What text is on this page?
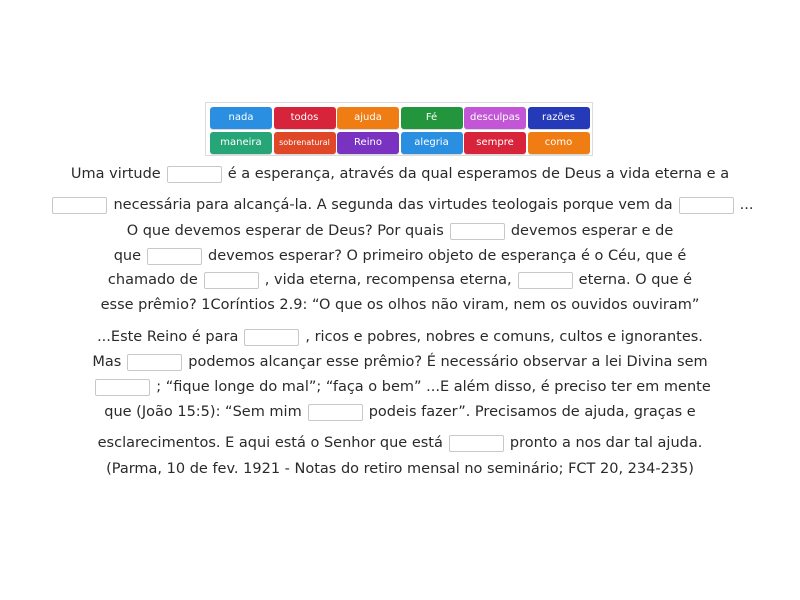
nada	todos	ajuda	Fé	desculpas	razões
maneira	sobrenatural	Reino	alegria	sempre	como
Uma virtude	é a esperança, através da qual esperamos de Deus a vida eterna e a
necessária para alcançá-la. A segunda das virtudes teologais porque vem da	...
O que devemos esperar de Deus? Por quais	devemos esperar e de
que	devemos esperar? O primeiro objeto de esperança é o Céu, que é
chamado de	, vida eterna, recompensa eterna,	eterna. O que é
esse prêmio? 1Coríntios 2.9: “O que os olhos não viram, nem os ouvidos ouviram”
...Este Reino é para	, ricos e pobres, nobres e comuns, cultos e ignorantes.
Mas	podemos alcançar esse prêmio? É necessário observar a lei Divina sem
; “fique longe do mal”; “faça o bem” ...E além disso, é preciso ter em mente
que (João 15:5): “Sem mim	podeis fazer”. Precisamos de ajuda, graças e
esclarecimentos. E aqui está o Senhor que está	pronto a nos dar tal ajuda.
(Parma, 10 de fev. 1921 - Notas do retiro mensal no seminário; FCT 20, 234-235)
